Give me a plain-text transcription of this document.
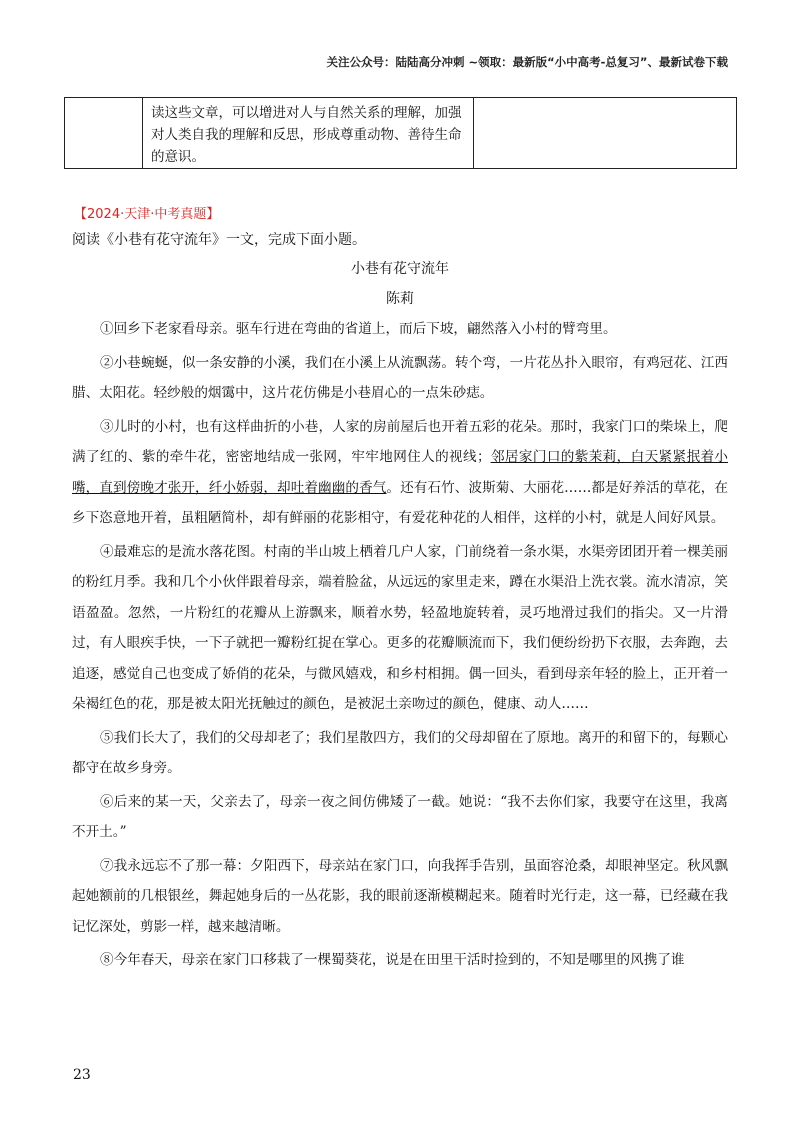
关注公众号：陆陆高分冲刺 ~领取：最新版“小中高考-总复习”、最新试卷下载

读这些文章，可以增进对人与自然关系的理解，加强对人类自我的理解和反思，形成尊重动物、善待生命的意识。

【2024·天津·中考真题】
阅读《小巷有花守流年》一文，完成下面小题。
小巷有花守流年
陈莉

①回乡下老家看母亲。驱车行进在弯曲的省道上，而后下坡，翩然落入小村的臂弯里。

②小巷蜿蜒，似一条安静的小溪，我们在小溪上从流飘荡。转个弯，一片花丛扑入眼帘，有鸡冠花、江西腊、太阳花。轻纱般的烟霭中，这片花仿佛是小巷眉心的一点朱砂痣。

③儿时的小村，也有这样曲折的小巷，人家的房前屋后也开着五彩的花朵。那时，我家门口的柴垛上，爬满了红的、紫的牵牛花，密密地结成一张网，牢牢地网住人的视线；邻居家门口的紫茉莉，白天紧紧抿着小嘴，直到傍晚才张开，纤小娇弱，却吐着幽幽的香气。还有石竹、波斯菊、大丽花……都是好养活的草花，在乡下恣意地开着，虽粗陋简朴，却有鲜丽的花影相守，有爱花种花的人相伴，这样的小村，就是人间好风景。

④最难忘的是流水落花图。村南的半山坡上栖着几户人家，门前绕着一条水渠，水渠旁团团开着一棵美丽的粉红月季。我和几个小伙伴跟着母亲，端着脸盆，从远远的家里走来，蹲在水渠沿上洗衣裳。流水清凉，笑语盈盈。忽然，一片粉红的花瓣从上游飘来，顺着水势，轻盈地旋转着，灵巧地滑过我们的指尖。又一片滑过，有人眼疾手快，一下子就把一瓣粉红捉在掌心。更多的花瓣顺流而下，我们便纷纷扔下衣服，去奔跑，去追逐，感觉自己也变成了娇俏的花朵，与微风嬉戏，和乡村相拥。偶一回头，看到母亲年轻的脸上，正开着一朵褐红色的花，那是被太阳光抚触过的颜色，是被泥土亲吻过的颜色，健康、动人……

⑤我们长大了，我们的父母却老了；我们星散四方，我们的父母却留在了原地。离开的和留下的，每颗心都守在故乡身旁。

⑥后来的某一天，父亲去了，母亲一夜之间仿佛矮了一截。她说：“我不去你们家，我要守在这里，我离不开土。”

⑦我永远忘不了那一幕：夕阳西下，母亲站在家门口，向我挥手告别，虽面容沧桑，却眼神坚定。秋风飘起她额前的几根银丝，舞起她身后的一丛花影，我的眼前逐渐模糊起来。随着时光行走，这一幕，已经藏在我记忆深处，剪影一样，越来越清晰。

⑧今年春天，母亲在家门口移栽了一棵蜀葵花，说是在田里干活时捡到的，不知是哪里的风携了谁

23
